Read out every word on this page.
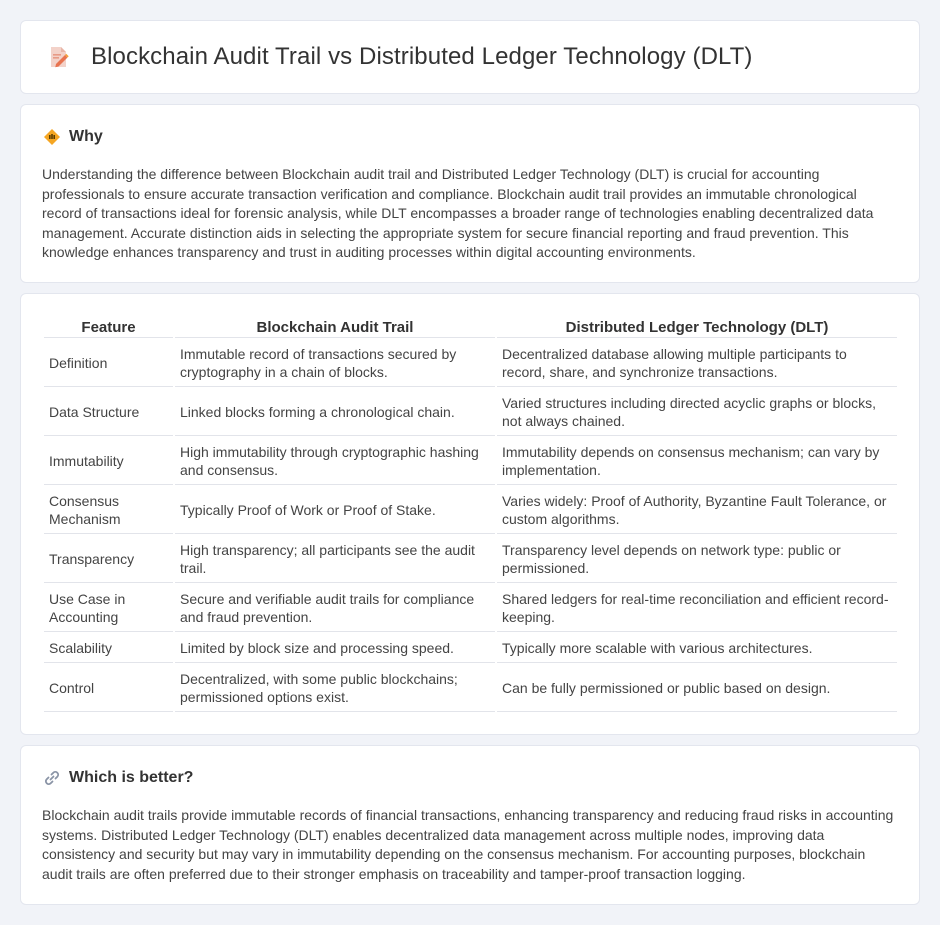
Blockchain Audit Trail vs Distributed Ledger Technology (DLT)
Why

Understanding the difference between Blockchain audit trail and Distributed Ledger Technology (DLT) is crucial for accounting professionals to ensure accurate transaction verification and compliance. Blockchain audit trail provides an immutable chronological record of transactions ideal for forensic analysis, while DLT encompasses a broader range of technologies enabling decentralized data management. Accurate distinction aids in selecting the appropriate system for secure financial reporting and fraud prevention. This knowledge enhances transparency and trust in auditing processes within digital accounting environments.

Feature	Blockchain Audit Trail	Distributed Ledger Technology (DLT)
Definition	Immutable record of transactions secured by cryptography in a chain of blocks.	Decentralized database allowing multiple participants to record, share, and synchronize transactions.
Data Structure	Linked blocks forming a chronological chain.	Varied structures including directed acyclic graphs or blocks, not always chained.
Immutability	High immutability through cryptographic hashing and consensus.	Immutability depends on consensus mechanism; can vary by implementation.
Consensus Mechanism	Typically Proof of Work or Proof of Stake.	Varies widely: Proof of Authority, Byzantine Fault Tolerance, or custom algorithms.
Transparency	High transparency; all participants see the audit trail.	Transparency level depends on network type: public or permissioned.
Use Case in Accounting	Secure and verifiable audit trails for compliance and fraud prevention.	Shared ledgers for real-time reconciliation and efficient record-keeping.
Scalability	Limited by block size and processing speed.	Typically more scalable with various architectures.
Control	Decentralized, with some public blockchains; permissioned options exist.	Can be fully permissioned or public based on design.
Which is better?

Blockchain audit trails provide immutable records of financial transactions, enhancing transparency and reducing fraud risks in accounting systems. Distributed Ledger Technology (DLT) enables decentralized data management across multiple nodes, improving data consistency and security but may vary in immutability depending on the consensus mechanism. For accounting purposes, blockchain audit trails are often preferred due to their stronger emphasis on traceability and tamper-proof transaction logging.
